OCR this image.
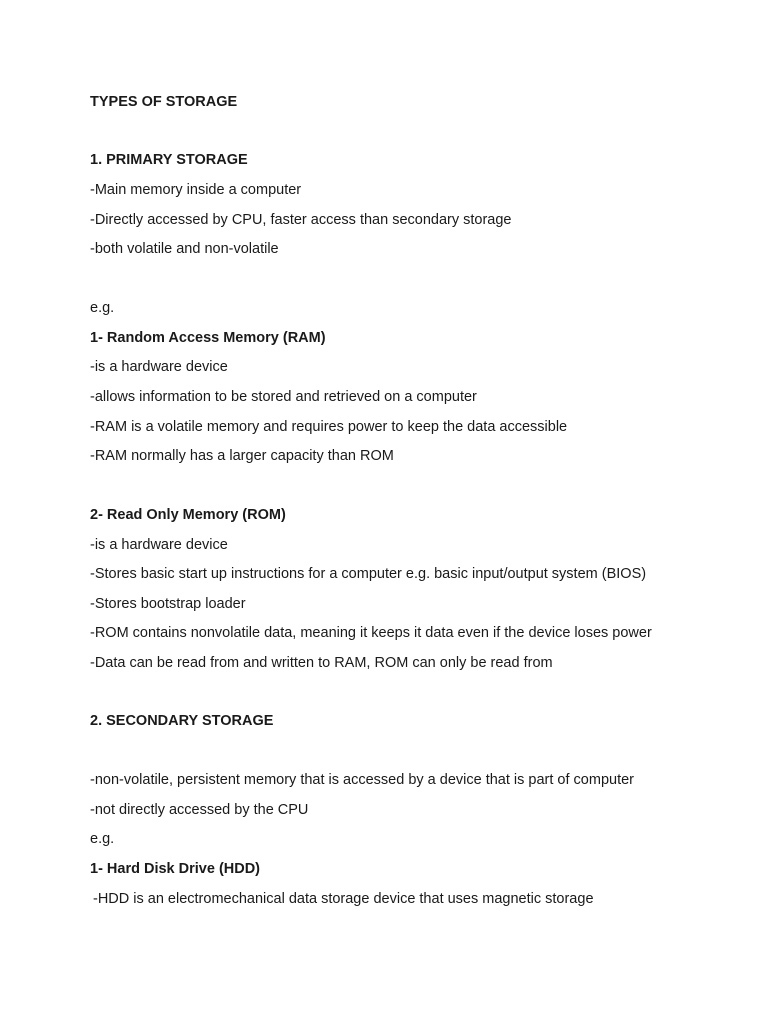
TYPES OF STORAGE
1. PRIMARY STORAGE
-Main memory inside a computer
-Directly accessed by CPU, faster access than secondary storage
-both volatile and non-volatile
e.g.
1- Random Access Memory (RAM)
-is a hardware device
-allows information to be stored and retrieved on a computer
-RAM is a volatile memory and requires power to keep the data accessible
-RAM normally has a larger capacity than ROM
2- Read Only Memory (ROM)
-is a hardware device
-Stores basic start up instructions for a computer e.g. basic input/output system (BIOS)
-Stores bootstrap loader
-ROM contains nonvolatile data, meaning it keeps it data even if the device loses power
-Data can be read from and written to RAM, ROM can only be read from
2. SECONDARY STORAGE
-non-volatile, persistent memory that is accessed by a device that is part of computer
-not directly accessed by the CPU
e.g.
1- Hard Disk Drive (HDD)
-HDD is an electromechanical data storage device that uses magnetic storage
